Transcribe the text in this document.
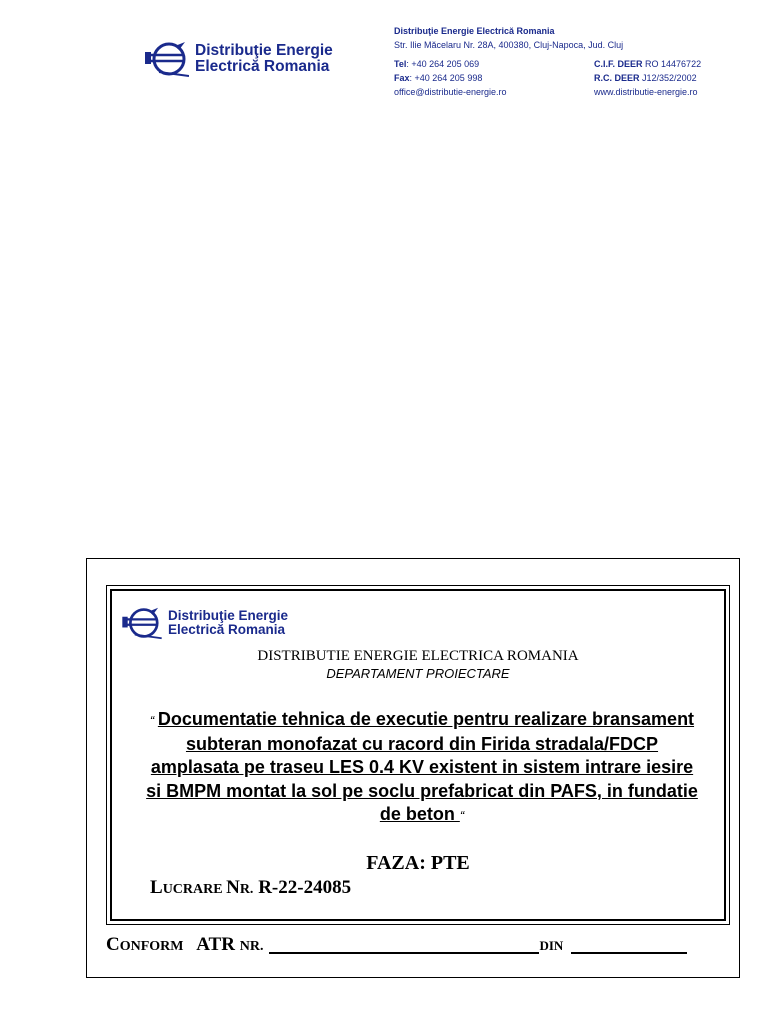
Distribuţie Energie
Electrică Romania
Distribuţie Energie Electrică Romania
Str. Ilie Măcelaru Nr. 28A, 400380, Cluj-Napoca, Jud. Cluj
Tel: +40 264 205 069
Fax: +40 264 205 998
office@distributie-energie.ro
C.I.F. DEER RO 14476722
R.C. DEER J12/352/2002
www.distributie-energie.ro
Distribuţie Energie
Electrică Romania
DISTRIBUTIE ENERGIE ELECTRICA ROMANIA
DEPARTAMENT PROIECTARE
“ Documentatie tehnica de executie pentru realizare bransament subteran monofazat cu racord din Firida stradala/FDCP amplasata pe traseu LES 0.4 KV existent in sistem intrare iesire si BMPM montat la sol pe soclu prefabricat din PAFS, in fundatie de beton “
FAZA: PTE
LUCRARE NR. R-22-24085
CONFORM ATR NR.	DIN
